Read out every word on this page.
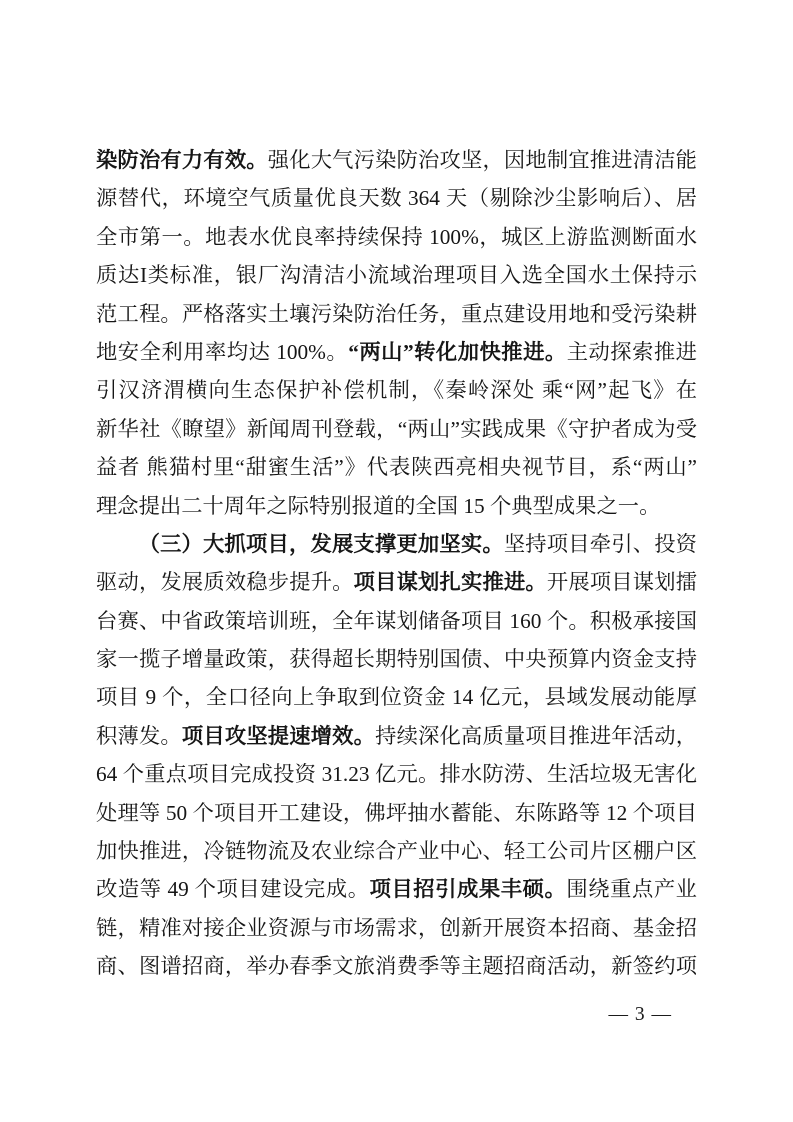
染防治有力有效。强化大气污染防治攻坚，因地制宜推进清洁能
源替代，环境空气质量优良天数 364 天（剔除沙尘影响后）、居
全市第一。地表水优良率持续保持 100%，城区上游监测断面水
质达I类标准，银厂沟清洁小流域治理项目入选全国水土保持示
范工程。严格落实土壤污染防治任务，重点建设用地和受污染耕
地安全利用率均达 100%。“两山”转化加快推进。主动探索推进
引汉济渭横向生态保护补偿机制，《秦岭深处 乘“网”起飞》在
新华社《瞭望》新闻周刊登载，“两山”实践成果《守护者成为受
益者 熊猫村里“甜蜜生活”》代表陕西亮相央视节目，系“两山”
理念提出二十周年之际特别报道的全国 15 个典型成果之一。
（三）大抓项目，发展支撑更加坚实。坚持项目牵引、投资
驱动，发展质效稳步提升。项目谋划扎实推进。开展项目谋划擂
台赛、中省政策培训班，全年谋划储备项目 160 个。积极承接国
家一揽子增量政策，获得超长期特别国债、中央预算内资金支持
项目 9 个，全口径向上争取到位资金 14 亿元，县域发展动能厚
积薄发。项目攻坚提速增效。持续深化高质量项目推进年活动，
64 个重点项目完成投资 31.23 亿元。排水防涝、生活垃圾无害化
处理等 50 个项目开工建设，佛坪抽水蓄能、东陈路等 12 个项目
加快推进，冷链物流及农业综合产业中心、轻工公司片区棚户区
改造等 49 个项目建设完成。项目招引成果丰硕。围绕重点产业
链，精准对接企业资源与市场需求，创新开展资本招商、基金招
商、图谱招商，举办春季文旅消费季等主题招商活动，新签约项
— 3 —
